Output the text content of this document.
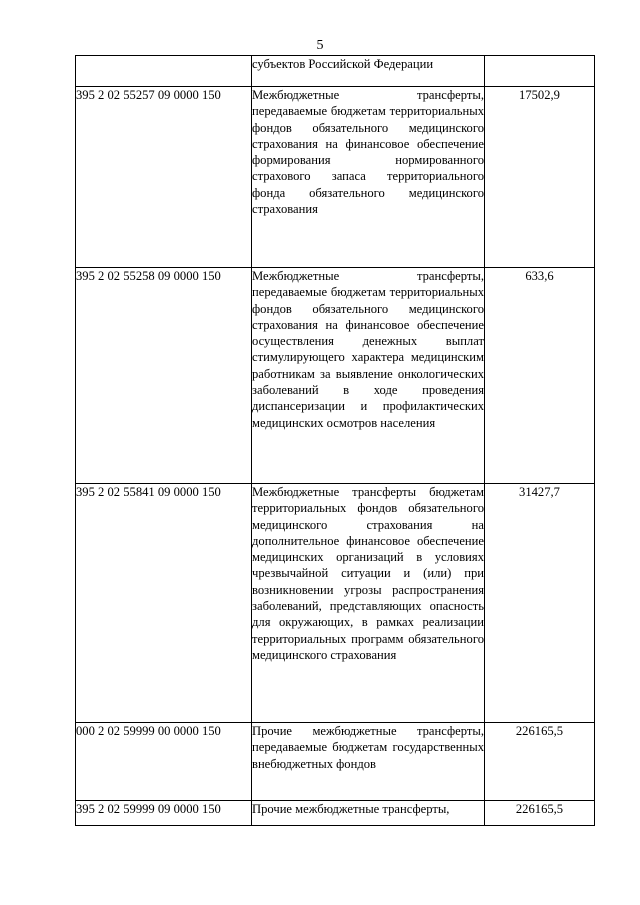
5
	субъектов Российской Федерации	
395 2 02 55257 09 0000 150	Межбюджетные трансферты, передаваемые бюджетам территориальных фондов обязательного медицинского страхования на финансовое обеспечение формирования нормированного страхового запаса территориального фонда обязательного медицинского страхования	17502,9
395 2 02 55258 09 0000 150	Межбюджетные трансферты, передаваемые бюджетам территориальных фондов обязательного медицинского страхования на финансовое обеспечение осуществления денежных выплат стимулирующего характера медицинским работникам за выявление онкологических заболеваний в ходе проведения диспансеризации и профилактических медицинских осмотров населения	633,6
395 2 02 55841 09 0000 150	Межбюджетные трансферты бюджетам территориальных фондов обязательного медицинского страхования на дополнительное финансовое обеспечение медицинских организаций в условиях чрезвычайной ситуации и (или) при возникновении угрозы распространения заболеваний, представляющих опасность для окружающих, в рамках реализации территориальных программ обязательного медицинского страхования	31427,7
000 2 02 59999 00 0000 150	Прочие межбюджетные трансферты, передаваемые бюджетам государственных внебюджетных фондов	226165,5
395 2 02 59999 09 0000 150	Прочие межбюджетные трансферты,	226165,5
